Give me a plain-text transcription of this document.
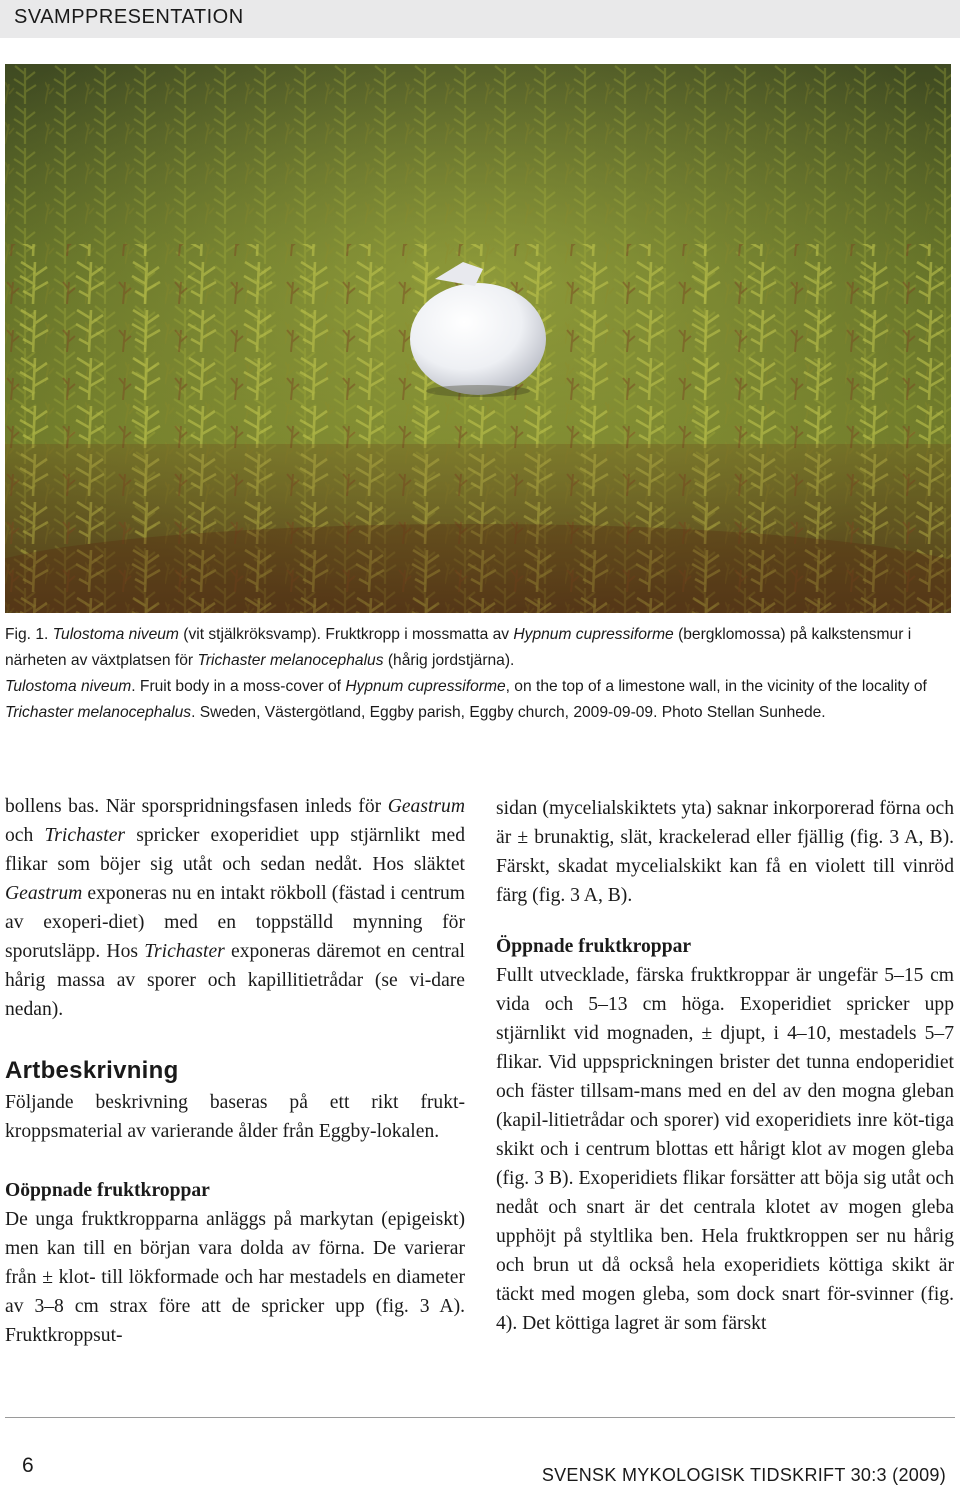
SVAMPPRESENTATION

Fig. 1. Tulostoma niveum (vit stjälkröksvamp). Fruktkropp i mossmatta av Hypnum cupressiforme (bergklomossa) på kalkstensmur i närheten av växtplatsen för Trichaster melanocephalus (hårig jordstjärna).

Tulostoma niveum. Fruit body in a moss-cover of Hypnum cupressiforme, on the top of a limestone wall, in the vicinity of the locality of Trichaster melanocephalus. Sweden, Västergötland, Eggby parish, Eggby church, 2009-09-09. Photo Stellan Sunhede.

bollens bas. När sporspridningsfasen inleds för Geastrum och Trichaster spricker exoperidiet upp stjärnlikt med flikar som böjer sig utåt och sedan nedåt. Hos släktet Geastrum exponeras nu en intakt rökboll (fästad i centrum av exoperi-diet) med en toppställd mynning för sporutsläpp. Hos Trichaster exponeras däremot en central hårig massa av sporer och kapillitietrådar (se vi-dare nedan).

Artbeskrivning

Följande beskrivning baseras på ett rikt frukt-kroppsmaterial av varierande ålder från Eggby-lokalen.

Oöppnade fruktkroppar

De unga fruktkropparna anläggs på markytan (epigeiskt) men kan till en början vara dolda av förna. De varierar från ± klot- till lökformade och har mestadels en diameter av 3–8 cm strax före att de spricker upp (fig. 3 A). Fruktkroppsut-

sidan (mycelialskiktets yta) saknar inkorporerad förna och är ± brunaktig, slät, krackelerad eller fjällig (fig. 3 A, B). Färskt, skadat mycelialskikt kan få en violett till vinröd färg (fig. 3 A, B).

Öppnade fruktkroppar

Fullt utvecklade, färska fruktkroppar är ungefär 5–15 cm vida och 5–13 cm höga. Exoperidiet spricker upp stjärnlikt vid mognaden, ± djupt, i 4–10, mestadels 5–7 flikar. Vid uppsprickningen brister det tunna endoperidiet och fäster tillsam-mans med en del av den mogna gleban (kapil-litietrådar och sporer) vid exoperidiets inre köt-tiga skikt och i centrum blottas ett hårigt klot av mogen gleba (fig. 3 B). Exoperidiets flikar forsätter att böja sig utåt och nedåt och snart är det centrala klotet av mogen gleba upphöjt på styltlika ben. Hela fruktkroppen ser nu hårig och brun ut då också hela exoperidiets köttiga skikt är täckt med mogen gleba, som dock snart för-svinner (fig. 4). Det köttiga lagret är som färskt

6	SVENSK MYKOLOGISK TIDSKRIFT 30:3 (2009)
